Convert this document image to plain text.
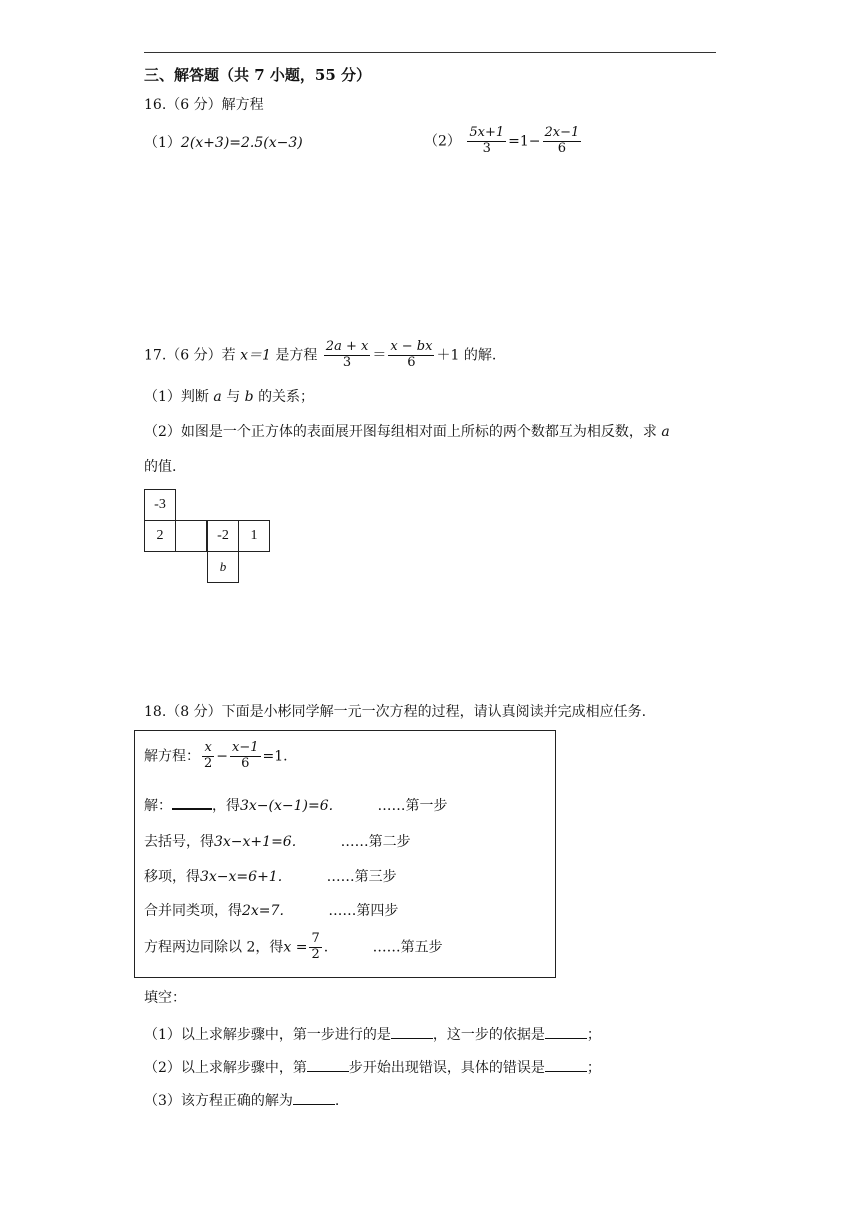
三、解答题（共 7 小题，55 分）
16.（6 分）解方程
（1）2(x+3)=2.5(x−3)	$(2) \frac{5x+1}{3} =1- \frac{2x-1}{6}$
17.（6 分）若 x＝1 是方程 $\frac{2a + x}{3} = \frac{x - bx}{6} +1$ 的解.
（1）判断 a 与 b 的关系；
（2）如图是一个正方体的表面展开图每组相对面上所标的两个数都互为相反数，求 a
的值.
-3
2	-2	1
b
18.（8 分）下面是小彬同学解一元一次方程的过程，请认真阅读并完成相应任务.
解方程： $\frac{x}{2} - \frac{x-1}{6} =1$.
解：	，得3x−(x−1)=6.	……第一步
去括号，得3x−x+1=6.	……第二步
移项，得3x−x=6+1.	……第三步
合并同类项，得2x=7.	……第四步
方程两边同除以 2，得$x = \frac{7}{2}$ .	……第五步
填空：
（1）以上求解步骤中，第一步进行的是	，这一步的依据是	；
（2）以上求解步骤中，第	步开始出现错误，具体的错误是	；
（3）该方程正确的解为	.
